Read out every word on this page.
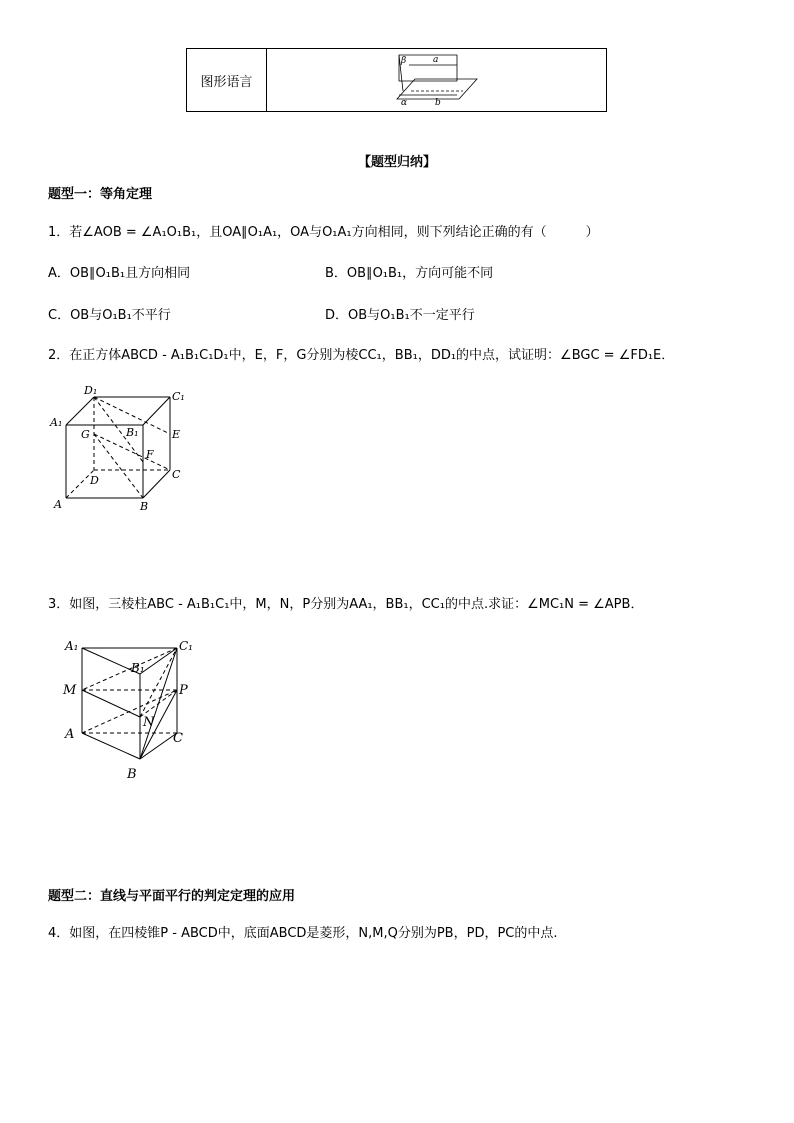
图形语言
β	a
α	b
【题型归纳】
题型一：等角定理
1．若∠AOB = ∠A₁O₁B₁，且OA∥O₁A₁，OA与O₁A₁方向相同，则下列结论正确的有（　　　）
A．OB∥O₁B₁且方向相同	B．OB∥O₁B₁，方向可能不同
C．OB与O₁B₁不平行	D．OB与O₁B₁不一定平行
2．在正方体ABCD - A₁B₁C₁D₁中，E，F，G分别为棱CC₁，BB₁，DD₁的中点，试证明：∠BGC = ∠FD₁E．
D₁	C₁
A₁
B₁
G	E
F
D	C
A	B
3．如图，三棱柱ABC - A₁B₁C₁中，M，N，P分别为AA₁，BB₁，CC₁的中点.求证：∠MC₁N = ∠APB．
A₁	C₁
B₁
M	P
N
A	C
B
题型二：直线与平面平行的判定定理的应用
4．如图，在四棱锥P - ABCD中，底面ABCD是菱形，N,M,Q分别为PB，PD，PC的中点.
